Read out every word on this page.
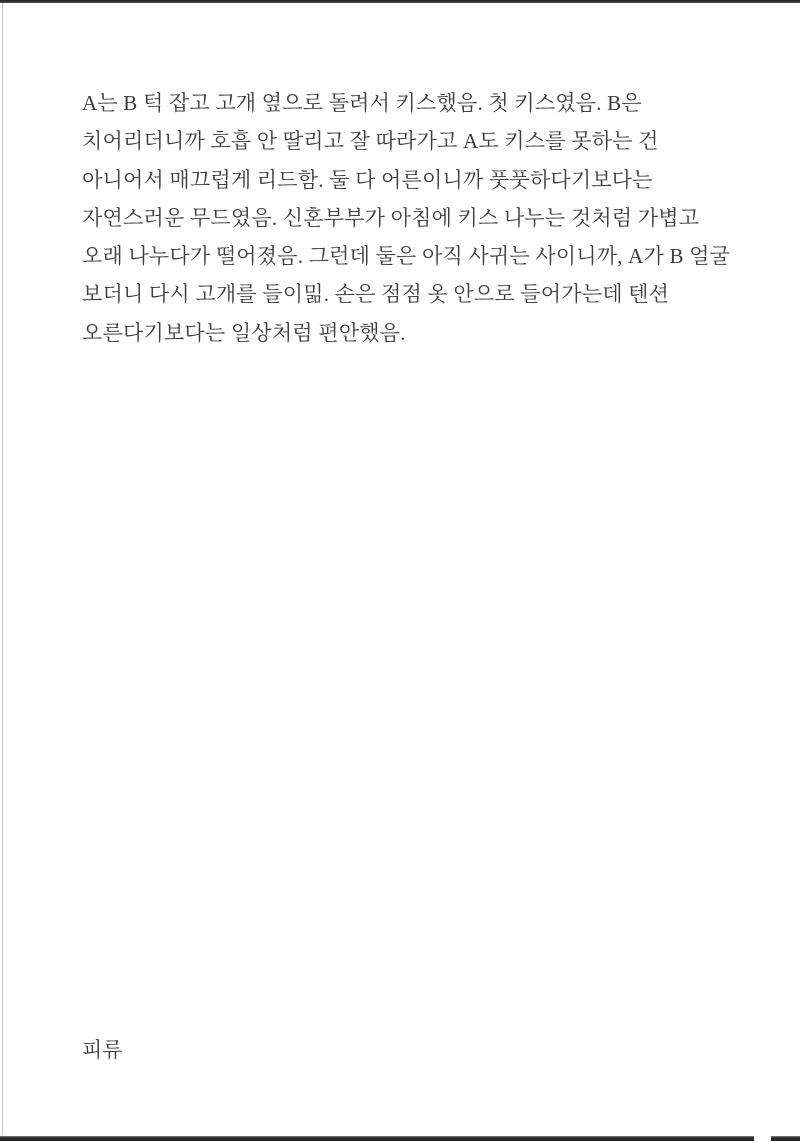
A는 B 턱 잡고 고개 옆으로 돌려서 키스했음. 첫 키스였음. B은
치어리더니까 호흡 안 딸리고 잘 따라가고 A도 키스를 못하는 건
아니어서 매끄럽게 리드함. 둘 다 어른이니까 풋풋하다기보다는
자연스러운 무드였음. 신혼부부가 아침에 키스 나누는 것처럼 가볍고
오래 나누다가 떨어졌음. 그런데 둘은 아직 사귀는 사이니까, A가 B 얼굴
보더니 다시 고개를 들이밂. 손은 점점 옷 안으로 들어가는데 텐션
오른다기보다는 일상처럼 편안했음.
피류
